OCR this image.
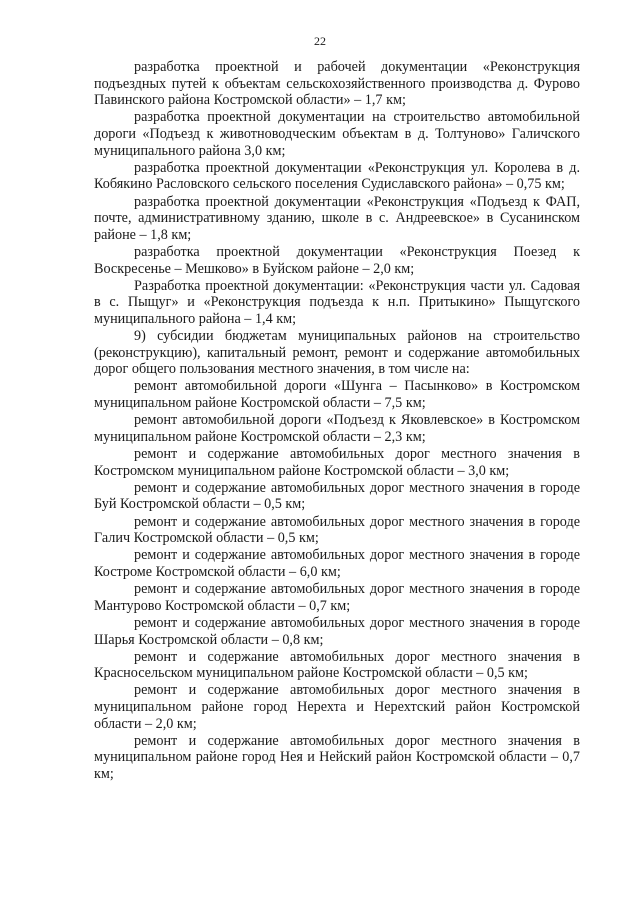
22

разработка проектной и рабочей документации «Реконструкция подъездных путей к объектам сельскохозяйственного производства д. Фурово Павинского района Костромской области» – 1,7 км;

разработка проектной документации на строительство автомобильной дороги «Подъезд к животноводческим объектам в д. Толтуново» Галичского муниципального района 3,0 км;

разработка проектной документации «Реконструкция ул. Королева в д. Кобякино Расловского сельского поселения Судиславского района» – 0,75 км;

разработка проектной документации «Реконструкция «Подъезд к ФАП, почте, административному зданию, школе в с. Андреевское» в Сусанинском районе – 1,8 км;

разработка проектной документации «Реконструкция Поезед к Воскресенье – Мешково» в Буйском районе – 2,0 км;

Разработка проектной документации: «Реконструкция части ул. Садовая в с. Пыщуг» и «Реконструкция подъезда к н.п. Притыкино» Пыщугского муниципального района – 1,4 км;

9) субсидии бюджетам муниципальных районов на строительство (реконструкцию), капитальный ремонт, ремонт и содержание автомобильных дорог общего пользования местного значения, в том числе на:

ремонт автомобильной дороги «Шунга – Пасынково» в Костромском муниципальном районе Костромской области – 7,5 км;

ремонт автомобильной дороги «Подъезд к Яковлевское» в Костромском муниципальном районе Костромской области – 2,3 км;

ремонт и содержание автомобильных дорог местного значения в Костромском муниципальном районе Костромской области – 3,0 км;

ремонт и содержание автомобильных дорог местного значения в городе Буй Костромской области – 0,5 км;

ремонт и содержание автомобильных дорог местного значения в городе Галич Костромской области – 0,5 км;

ремонт и содержание автомобильных дорог местного значения в городе Костроме Костромской области – 6,0 км;

ремонт и содержание автомобильных дорог местного значения в городе Мантурово Костромской области – 0,7 км;

ремонт и содержание автомобильных дорог местного значения в городе Шарья Костромской области – 0,8 км;

ремонт и содержание автомобильных дорог местного значения в Красносельском муниципальном районе Костромской области – 0,5 км;

ремонт и содержание автомобильных дорог местного значения в муниципальном районе город Нерехта и Нерехтский район Костромской области – 2,0 км;

ремонт и содержание автомобильных дорог местного значения в муниципальном районе город Нея и Нейский район Костромской области – 0,7 км;
